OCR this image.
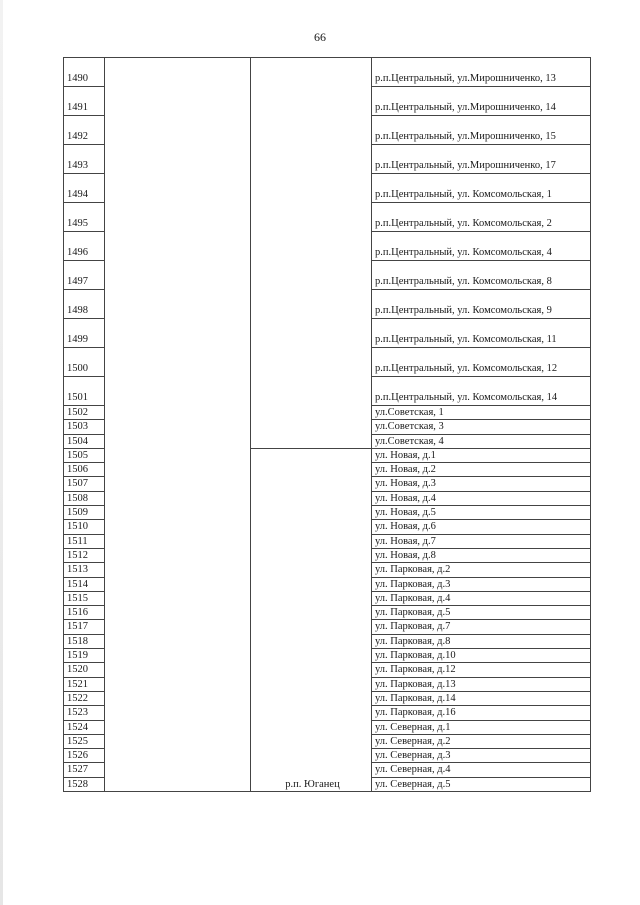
66
1490			р.п.Центральный, ул.Мирошниченко, 13
1491			р.п.Центральный, ул.Мирошниченко, 14
1492			р.п.Центральный, ул.Мирошниченко, 15
1493			р.п.Центральный, ул.Мирошниченко, 17
1494			р.п.Центральный, ул. Комсомольская, 1
1495			р.п.Центральный, ул. Комсомольская, 2
1496			р.п.Центральный, ул. Комсомольская, 4
1497			р.п.Центральный, ул. Комсомольская, 8
1498			р.п.Центральный, ул. Комсомольская, 9
1499			р.п.Центральный, ул. Комсомольская, 11
1500			р.п.Центральный, ул. Комсомольская, 12
1501			р.п.Центральный, ул. Комсомольская, 14
1502			ул.Советская, 1
1503			ул.Советская, 3
1504			ул.Советская, 4
1505		р.п. Юганец	ул. Новая, д.1
1506			ул. Новая, д.2
1507			ул. Новая, д.3
1508			ул. Новая, д.4
1509			ул. Новая, д.5
1510			ул. Новая, д.6
1511			ул. Новая, д.7
1512			ул. Новая, д.8
1513			ул. Парковая, д.2
1514			ул. Парковая, д.3
1515			ул. Парковая, д.4
1516			ул. Парковая, д.5
1517			ул. Парковая, д.7
1518			ул. Парковая, д.8
1519			ул. Парковая, д.10
1520			ул. Парковая, д.12
1521			ул. Парковая, д.13
1522			ул. Парковая, д.14
1523			ул. Парковая, д.16
1524			ул. Северная, д.1
1525			ул. Северная, д.2
1526			ул. Северная, д.3
1527			ул. Северная, д.4
1528			ул. Северная, д.5
